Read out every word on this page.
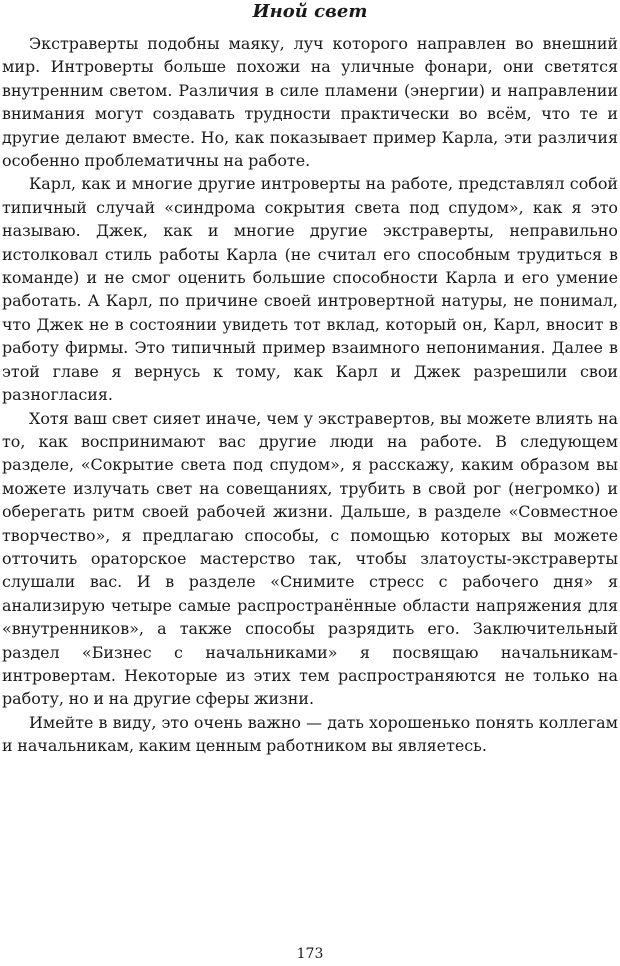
Иной свет

Экстраверты подобны маяку, луч которого направлен во внешний мир. Интроверты больше похожи на уличные фонари, они светятся внутренним светом. Различия в силе пламени (энергии) и направлении внимания могут создавать трудности практически во всём, что те и другие делают вместе. Но, как показывает пример Карла, эти различия особенно проблематичны на работе.

Карл, как и многие другие интроверты на работе, представлял собой типичный случай «синдрома сокрытия света под спудом», как я это называю. Джек, как и многие другие экстраверты, неправильно истолковал стиль работы Карла (не считал его способным трудиться в команде) и не смог оценить большие способности Карла и его умение работать. А Карл, по причине своей интровертной натуры, не понимал, что Джек не в состоянии увидеть тот вклад, который он, Карл, вносит в работу фирмы. Это типичный пример взаимного непонимания. Далее в этой главе я вернусь к тому, как Карл и Джек разрешили свои разногласия.

Хотя ваш свет сияет иначе, чем у экстравертов, вы можете влиять на то, как воспринимают вас другие люди на работе. В следующем разделе, «Сокрытие света под спудом», я расскажу, каким образом вы можете излучать свет на совещаниях, трубить в свой рог (негромко) и оберегать ритм своей рабочей жизни. Дальше, в разделе «Совместное творчество», я предлагаю способы, с помощью которых вы можете отточить ораторское мастерство так, чтобы златоусты-экстраверты слушали вас. И в разделе «Снимите стресс с рабочего дня» я анализирую четыре самые распространённые области напряжения для «внутренников», а также способы разрядить его. Заключительный раздел «Бизнес с начальниками» я посвящаю начальникам-интровертам. Некоторые из этих тем распространяются не только на работу, но и на другие сферы жизни.

Имейте в виду, это очень важно — дать хорошенько понять коллегам и начальникам, каким ценным работником вы являетесь.

173
